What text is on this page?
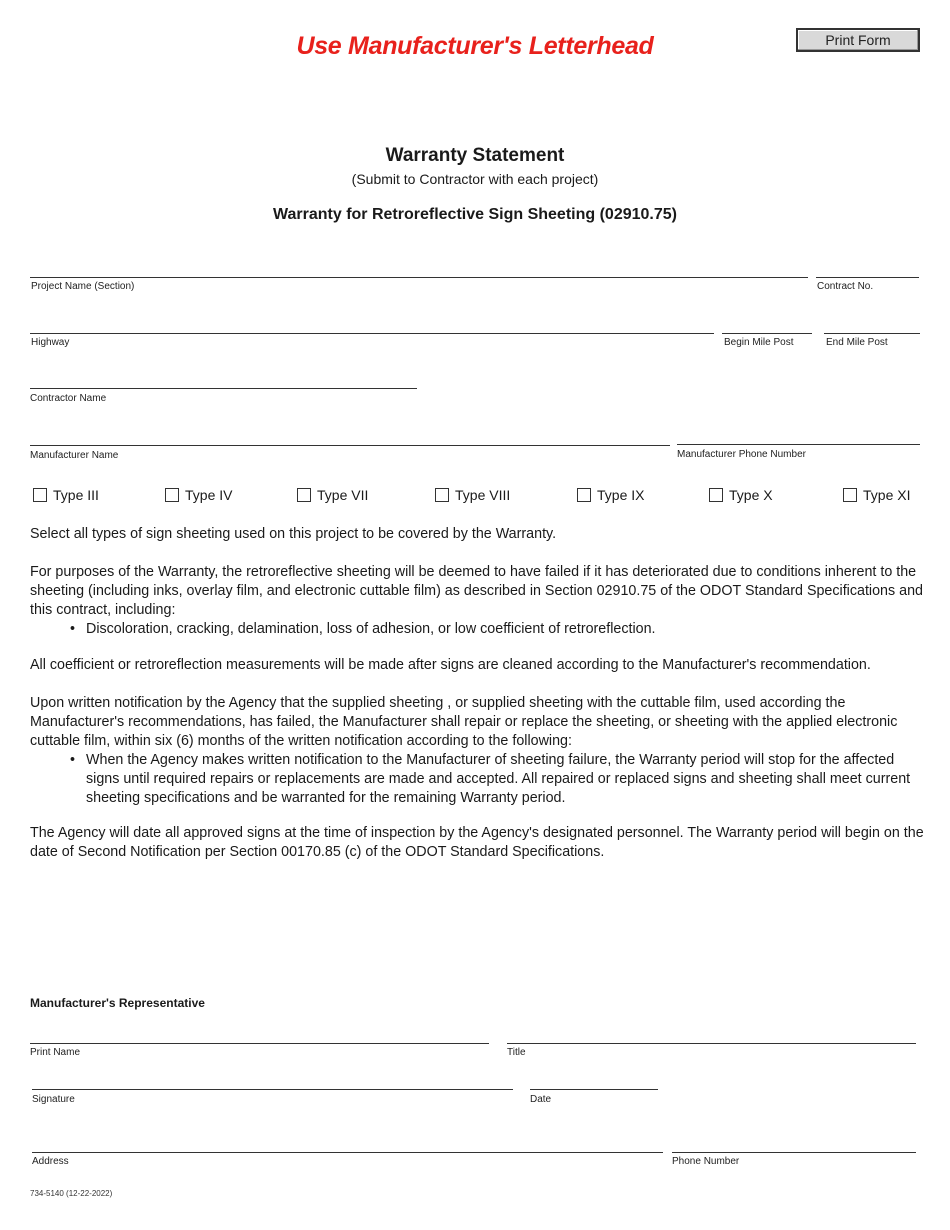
Use Manufacturer's Letterhead	Print Form
Warranty Statement
(Submit to Contractor with each project)
Warranty for Retroreflective Sign Sheeting (02910.75)
Project Name (Section)	Contract No.
Highway	Begin Mile Post	End Mile Post
Contractor Name
Manufacturer Name	Manufacturer Phone Number
Type III	Type IV	Type VII	Type VIII	Type IX	Type X	Type XI
Select all types of sign sheeting used on this project to be covered by the Warranty.

For purposes of the Warranty, the retroreflective sheeting will be deemed to have failed if it has deteriorated due to conditions inherent to the sheeting (including inks, overlay film, and electronic cuttable film) as described in Section 02910.75 of the ODOT Standard Specifications and this contract, including:

• Discoloration, cracking, delamination, loss of adhesion, or low coefficient of retroreflection.

All coefficient or retroreflection measurements will be made after signs are cleaned according to the Manufacturer's recommendation.

Upon written notification by the Agency that the supplied sheeting , or supplied sheeting with the cuttable film, used according the Manufacturer's recommendations, has failed, the Manufacturer shall repair or replace the sheeting, or sheeting with the applied electronic cuttable film, within six (6) months of the written notification according to the following:

• When the Agency makes written notification to the Manufacturer of sheeting failure, the Warranty period will stop for the affected signs until required repairs or replacements are made and accepted. All repaired or replaced signs and sheeting shall meet current sheeting specifications and be warranted for the remaining Warranty period.

The Agency will date all approved signs at the time of inspection by the Agency's designated personnel. The Warranty period will begin on the date of Second Notification per Section 00170.85 (c) of the ODOT Standard Specifications.
Manufacturer's Representative
Print Name	Title
Signature	Date
Address	Phone Number
734-5140 (12-22-2022)
